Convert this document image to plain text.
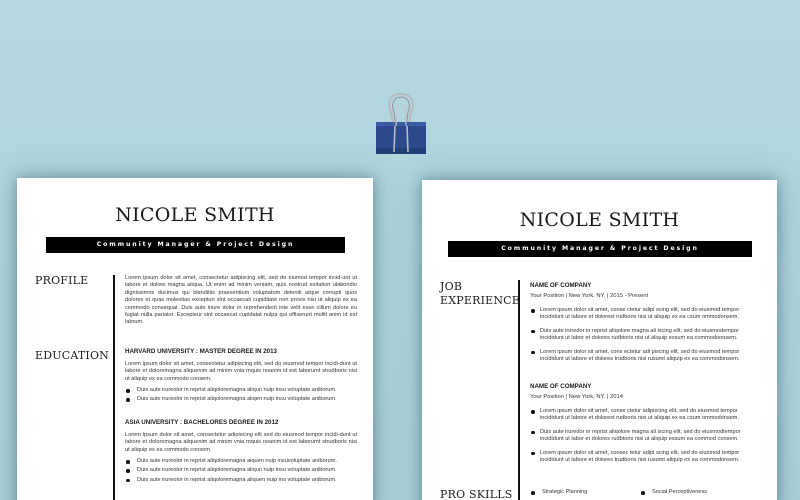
NICOLE SMITH
Community Manager & Project Design
PROFILE	Lorem ipsum dolor sit amet, consectetur adipiscing elit, sed do eiumod tempor incid-unt ut labore et dolore magna aliqua. Ut enim ad minim veniam, quis nostrud exitation ulaboridio dignissimos ducimus qui blanditiis praesentium voluptatum deleniti atque corrupti quos dolores et quas molestias excepturi sint occaecati cupiditate non provis nisi ut aliquip ex ea commodo consequat. Duis aute inure dolor in reprehenderit inte velit esse cillum dolore eu fugiat nulla pariatur. Excepteur sint occaecat cupidatat nulpa qui offiserunt mollit anim id est labrum.
EDUCATION	HARVARD UNIVERSITY : MASTER DEGREE IN 2013
Lorem ipsum dolor sit amet, consectetur adipiscing elit, sed do eiusmod tempor incidi-dunt ut labore et doloremagna aliquenim ad minim vnia mquis noanim id est laborumt strudboris nisi ut aliquip ex ea commodo consem.
Duis aute irureolor in reprist aliqoloremagna aliqun nuip insu voluptate aniborum.
Duis aute irureolor in reprist aliqoloremagna aliqen nuip insu voluptate aniborum.
ASIA UNIVERSITY : BACHELORES DEGREE IN 2012
Lorem ipsum dolor sit amet, consectetur adipiscing elit sed do eiusmod tempor incidi-dunt ut labore et doloremagna aliquenim ad minim vnia mquis noanim id est laborumt strudboris nisi ut aliquip ex ea commodo consem.
Duis aute irureolor in reprist aliqoloremagna aiquen nuip insuvoluptate aniborum.
Duis aute irureolor in reprist aliqoloremagna aliqun nuip insu voluptate aniborum.
Duis aute irureolor in reprist aliqoloremagna aliquen nuip ins voluptate aniborum.
NICOLE SMITH
Community Manager & Project Design
JOB
EXPERIENCE
NAME OF COMPANY
Your Position | New York, NY. | 2015 - Present
Lorem ipsum dolor sit amet, conse ctetur adipi scing elit, sed do eiusmod tempor incididunt ut labore et dolorest rudboris nisi ut aliquip ex ea csum ommodonsem.
Duis aute iruredor in reprist aliqolore magna ali iscing elit, sed do eiusmodempor incididunt ut labor et dolores rudbtoris nisi ut aliquip exsum ea commodoonsem.
Lorem ipsum dolor sit amet, cons ectetur adi piscing elit, sed do eiusmod tempor incididunt ut labore et dolores trudboris nisi rusumt aliquip ex ea commodonsem.
NAME OF COMPANY
Your Position | New York, NY. | 2014
Lorem ipsum dolor sit amet, conse ctetur adipiscing elit, sed do eiusmod tempor incididunt ut labore et dolorest rudboris nisi ut aliquip ex ea csum ommodonsem.
Duis aute iruredor in reprist aliqolore magna ali iscing elit, sed do eiusmodtempor incididunt ut labor et dolores rudbtoris nisi ut aliquip exsum ea commod consem.
Lorem ipsum dolor sit amet, consec tetur adipi scing elit, sed do eiusmod tempor incididunt ut labore et dolores trudboris nisi rusumt aliquip ex ea commodonsem.
PRO SKILLS	Strategic Planning	Social Perceptiveness
